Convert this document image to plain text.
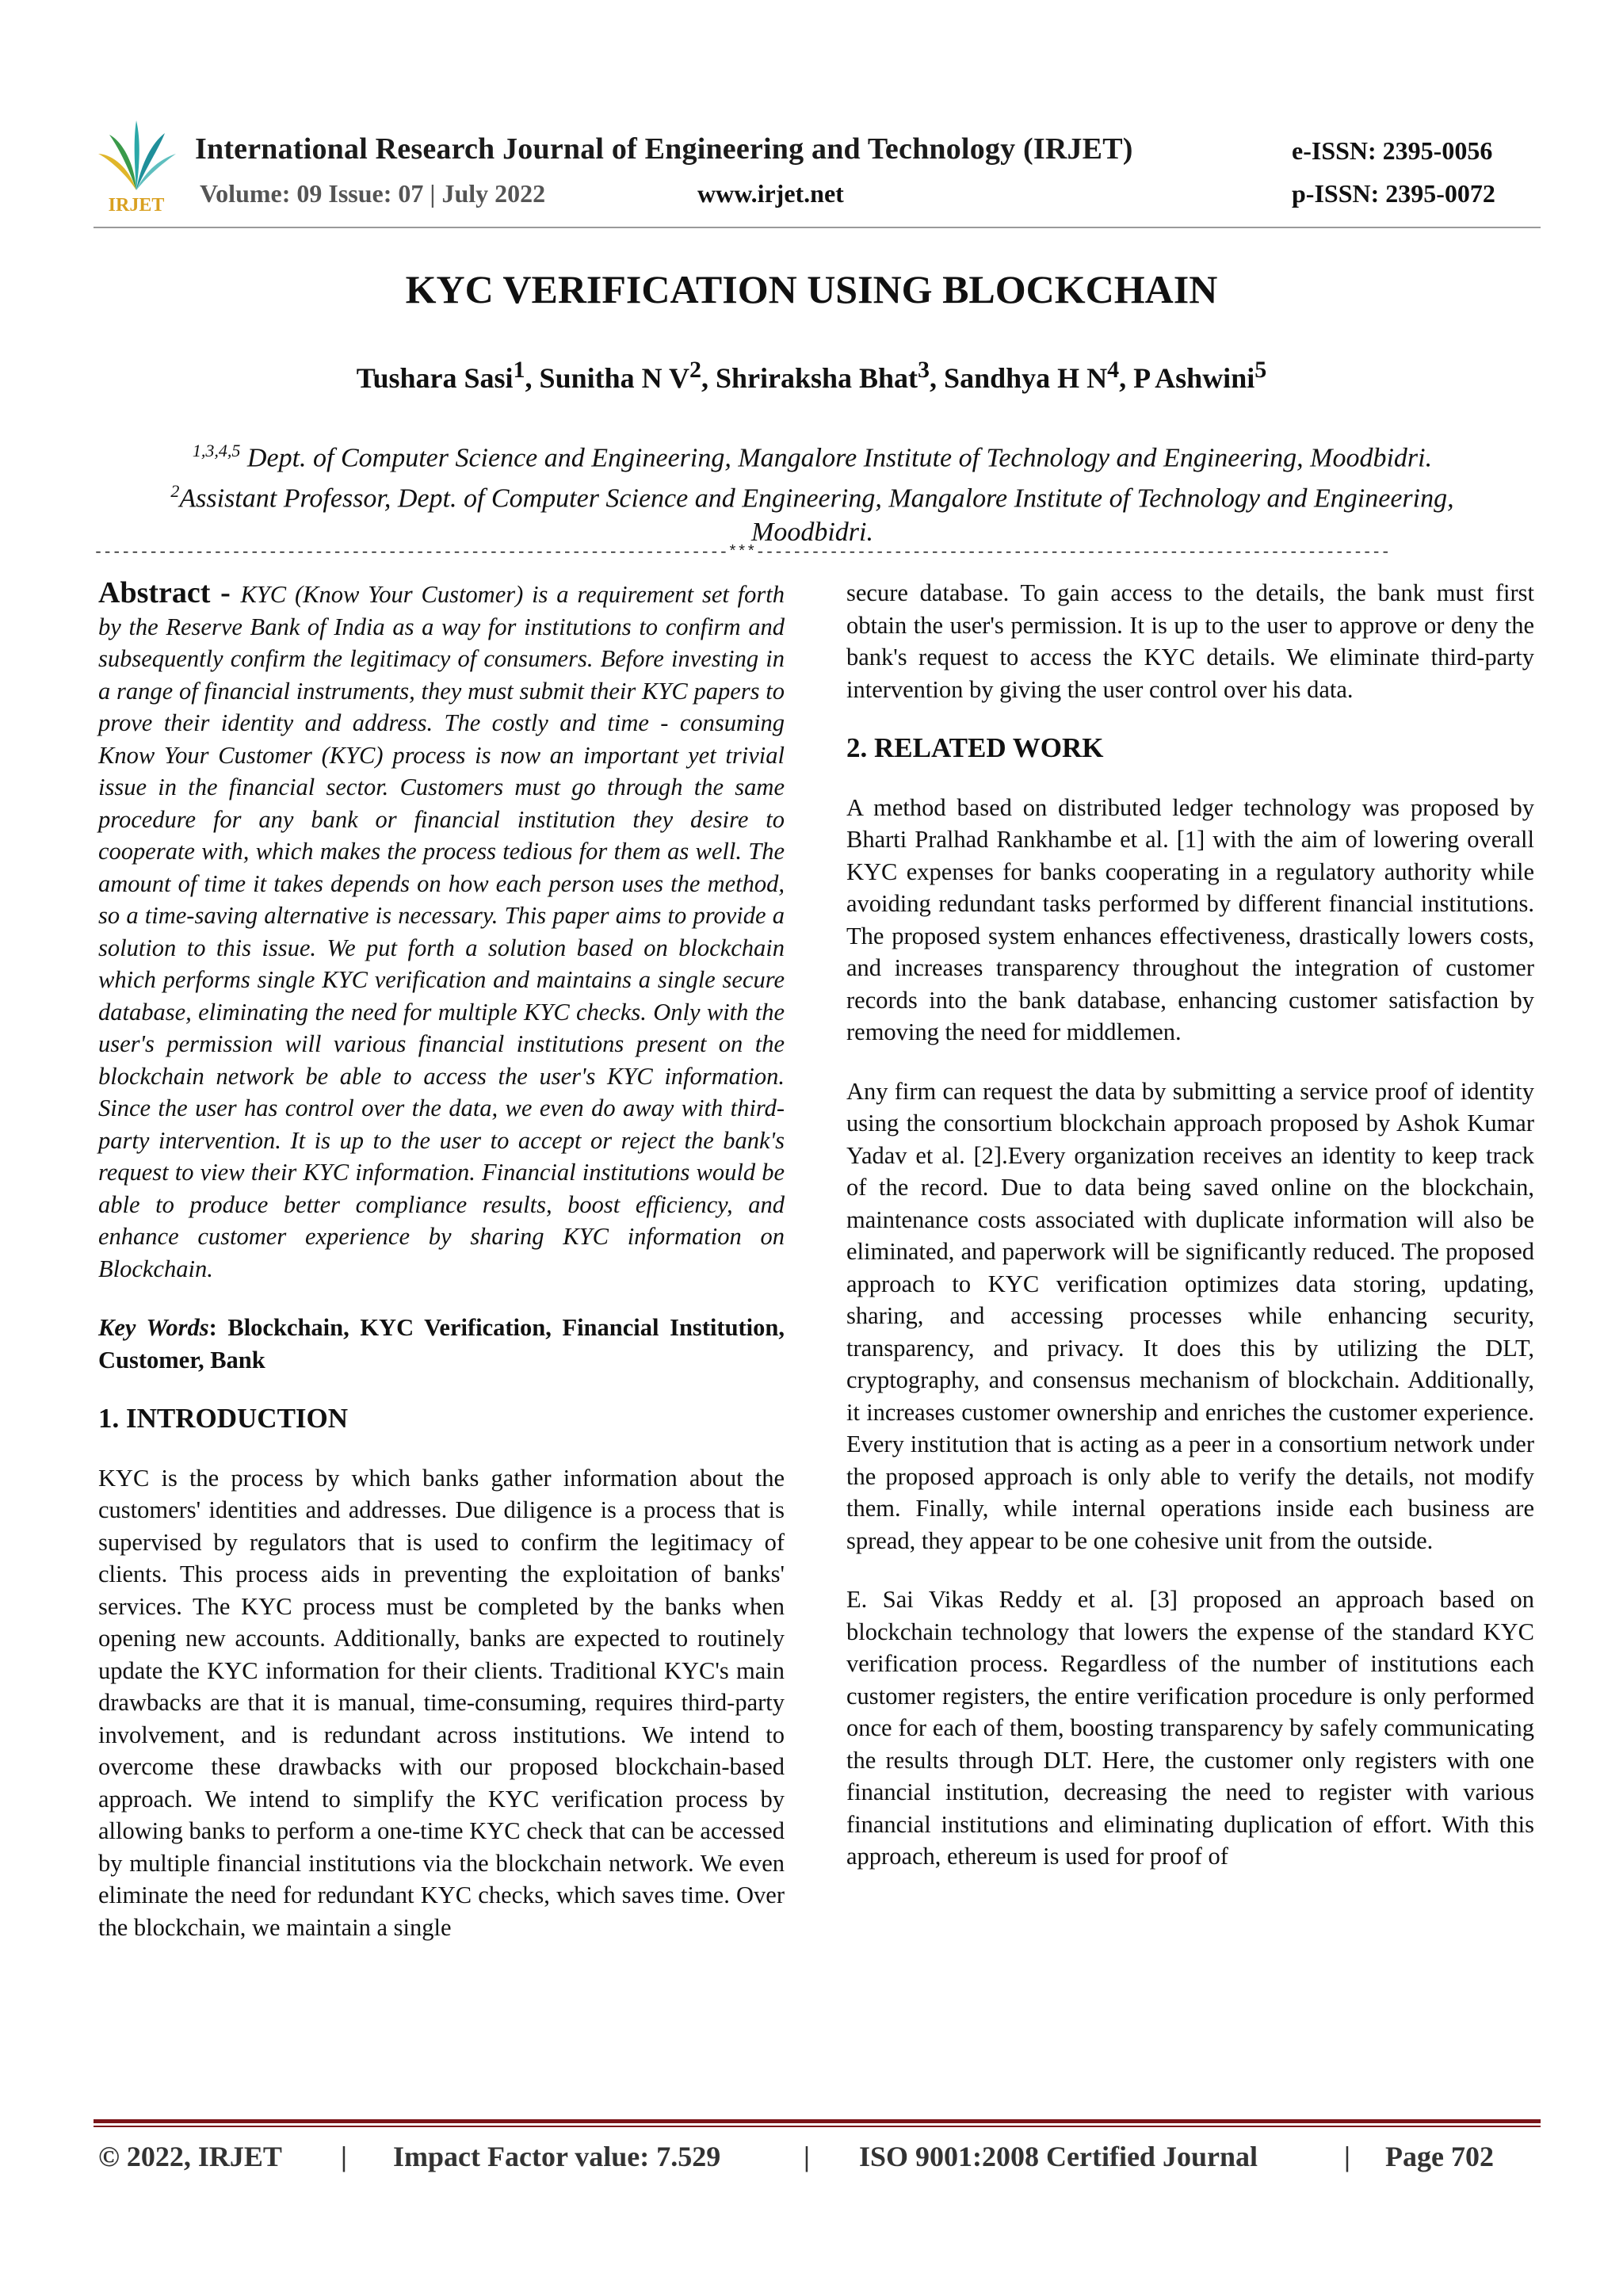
IRJET
International Research Journal of Engineering and Technology (IRJET)	e-ISSN: 2395-0056
Volume: 09 Issue: 07 | July 2022	www.irjet.net	p-ISSN: 2395-0072
KYC VERIFICATION USING BLOCKCHAIN
Tushara Sasi$^1$, Sunitha N $V^2$, Shriraksha Bhat$^3$, Sandhya H $N^4$, P Ashwini$^5$
$^{1,3,4,5}$ Dept. of Computer Science and Engineering, Mangalore Institute of Technology and Engineering, Moodbidri.
$^2$Assistant Professor, Dept. of Computer Science and Engineering, Mangalore Institute of Technology and Engineering, Moodbidri.
---------------------------------------------------------------------***---------------------------------------------------------------------

Abstract - KYC (Know Your Customer) is a requirement set forth by the Reserve Bank of India as a way for institutions to confirm and subsequently confirm the legitimacy of consumers. Before investing in a range of financial instruments, they must submit their KYC papers to prove their identity and address. The costly and time - consuming Know Your Customer (KYC) process is now an important yet trivial issue in the financial sector. Customers must go through the same procedure for any bank or financial institution they desire to cooperate with, which makes the process tedious for them as well. The amount of time it takes depends on how each person uses the method, so a time-saving alternative is necessary. This paper aims to provide a solution to this issue. We put forth a solution based on blockchain which performs single KYC verification and maintains a single secure database, eliminating the need for multiple KYC checks. Only with the user's permission will various financial institutions present on the blockchain network be able to access the user's KYC information. Since the user has control over the data, we even do away with third-party intervention. It is up to the user to accept or reject the bank's request to view their KYC information. Financial institutions would be able to produce better compliance results, boost efficiency, and enhance customer experience by sharing KYC information on Blockchain.

Key Words: Blockchain, KYC Verification, Financial Institution, Customer, Bank

1. INTRODUCTION

KYC is the process by which banks gather information about the customers' identities and addresses. Due diligence is a process that is supervised by regulators that is used to confirm the legitimacy of clients. This process aids in preventing the exploitation of banks' services. The KYC process must be completed by the banks when opening new accounts. Additionally, banks are expected to routinely update the KYC information for their clients. Traditional KYC's main drawbacks are that it is manual, time-consuming, requires third-party involvement, and is redundant across institutions. We intend to overcome these drawbacks with our proposed blockchain-based approach. We intend to simplify the KYC verification process by allowing banks to perform a one-time KYC check that can be accessed by multiple financial institutions via the blockchain network. We even eliminate the need for redundant KYC checks, which saves time. Over the blockchain, we maintain a single

secure database. To gain access to the details, the bank must first obtain the user's permission. It is up to the user to approve or deny the bank's request to access the KYC details. We eliminate third-party intervention by giving the user control over his data.

2. RELATED WORK

A method based on distributed ledger technology was proposed by Bharti Pralhad Rankhambe et al. [1] with the aim of lowering overall KYC expenses for banks cooperating in a regulatory authority while avoiding redundant tasks performed by different financial institutions. The proposed system enhances effectiveness, drastically lowers costs, and increases transparency throughout the integration of customer records into the bank database, enhancing customer satisfaction by removing the need for middlemen.

Any firm can request the data by submitting a service proof of identity using the consortium blockchain approach proposed by Ashok Kumar Yadav et al. [2].Every organization receives an identity to keep track of the record. Due to data being saved online on the blockchain, maintenance costs associated with duplicate information will also be eliminated, and paperwork will be significantly reduced. The proposed approach to KYC verification optimizes data storing, updating, sharing, and accessing processes while enhancing security, transparency, and privacy. It does this by utilizing the DLT, cryptography, and consensus mechanism of blockchain. Additionally, it increases customer ownership and enriches the customer experience. Every institution that is acting as a peer in a consortium network under the proposed approach is only able to verify the details, not modify them. Finally, while internal operations inside each business are spread, they appear to be one cohesive unit from the outside.

E. Sai Vikas Reddy et al. [3] proposed an approach based on blockchain technology that lowers the expense of the standard KYC verification process. Regardless of the number of institutions each customer registers, the entire verification procedure is only performed once for each of them, boosting transparency by safely communicating the results through DLT. Here, the customer only registers with one financial institution, decreasing the need to register with various financial institutions and eliminating duplication of effort. With this approach, ethereum is used for proof of

© 2022, IRJET | Impact Factor value: 7.529	| ISO 9001:2008 Certified Journal	| Page 702
